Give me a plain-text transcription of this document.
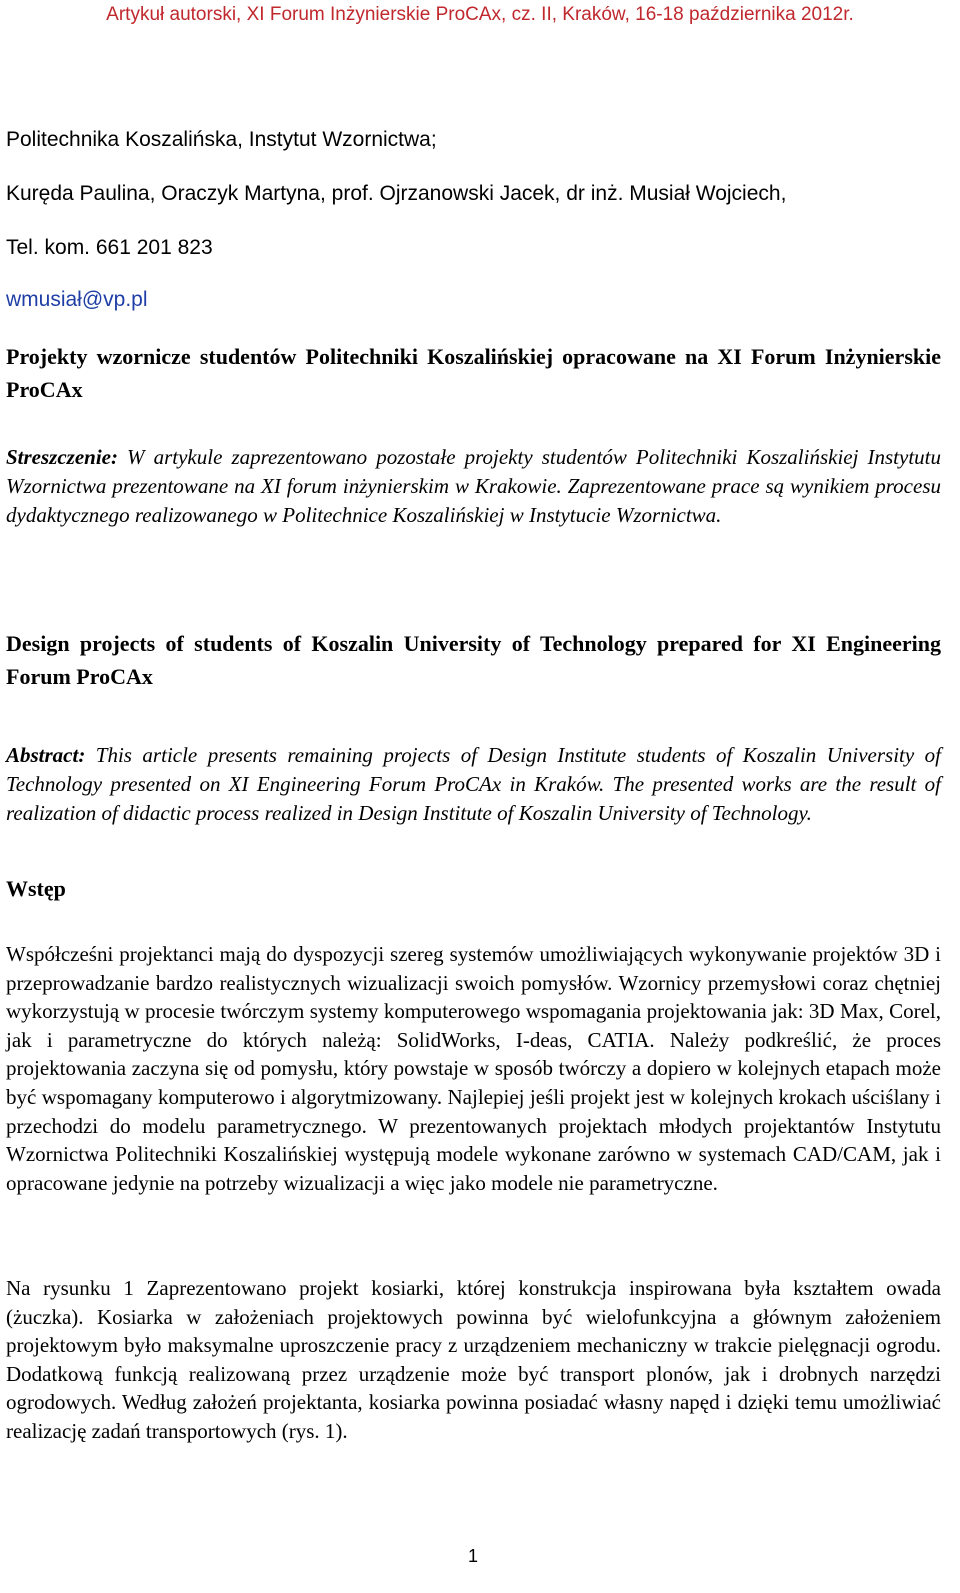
Artykuł autorski, XI Forum Inżynierskie ProCAx, cz. II, Kraków, 16-18 października 2012r.
Politechnika Koszalińska, Instytut Wzornictwa;
Kuręda Paulina, Oraczyk Martyna, prof. Ojrzanowski Jacek, dr inż. Musiał Wojciech,
Tel. kom. 661 201 823
wmusiał@vp.pl
Projekty wzornicze studentów Politechniki Koszalińskiej opracowane na XI Forum Inżynierskie ProCAx
Streszczenie: W artykule zaprezentowano pozostałe projekty studentów Politechniki Koszalińskiej Instytutu Wzornictwa prezentowane na XI forum inżynierskim w Krakowie. Zaprezentowane prace są wynikiem procesu dydaktycznego realizowanego w Politechnice Koszalińskiej w Instytucie Wzornictwa.
Design projects of students of Koszalin University of Technology prepared for XI Engineering Forum ProCAx
Abstract: This article presents remaining projects of Design Institute students of Koszalin University of Technology presented on XI Engineering Forum ProCAx in Kraków. The presented works are the result of realization of didactic process realized in Design Institute of Koszalin University of Technology.
Wstęp
Współcześni projektanci mają do dyspozycji szereg systemów umożliwiających wykonywanie projektów 3D i przeprowadzanie bardzo realistycznych wizualizacji swoich pomysłów. Wzornicy przemysłowi coraz chętniej wykorzystują w procesie twórczym systemy komputerowego wspomagania projektowania jak: 3D Max, Corel, jak i parametryczne do których należą: SolidWorks, I-deas, CATIA. Należy podkreślić, że proces projektowania zaczyna się od pomysłu, który powstaje w sposób twórczy a dopiero w kolejnych etapach może być wspomagany komputerowo i algorytmizowany. Najlepiej jeśli projekt jest w kolejnych krokach uściślany i przechodzi do modelu parametrycznego. W prezentowanych projektach młodych projektantów Instytutu Wzornictwa Politechniki Koszalińskiej występują modele wykonane zarówno w systemach CAD/CAM, jak i opracowane jedynie na potrzeby wizualizacji a więc jako modele nie parametryczne.
Na rysunku 1 Zaprezentowano projekt kosiarki, której konstrukcja inspirowana była kształtem owada (żuczka). Kosiarka w założeniach projektowych powinna być wielofunkcyjna a głównym założeniem projektowym było maksymalne uproszczenie pracy z urządzeniem mechaniczny w trakcie pielęgnacji ogrodu. Dodatkową funkcją realizowaną przez urządzenie może być transport plonów, jak i drobnych narzędzi ogrodowych. Według założeń projektanta, kosiarka powinna posiadać własny napęd i dzięki temu umożliwiać realizację zadań transportowych (rys. 1).
1
